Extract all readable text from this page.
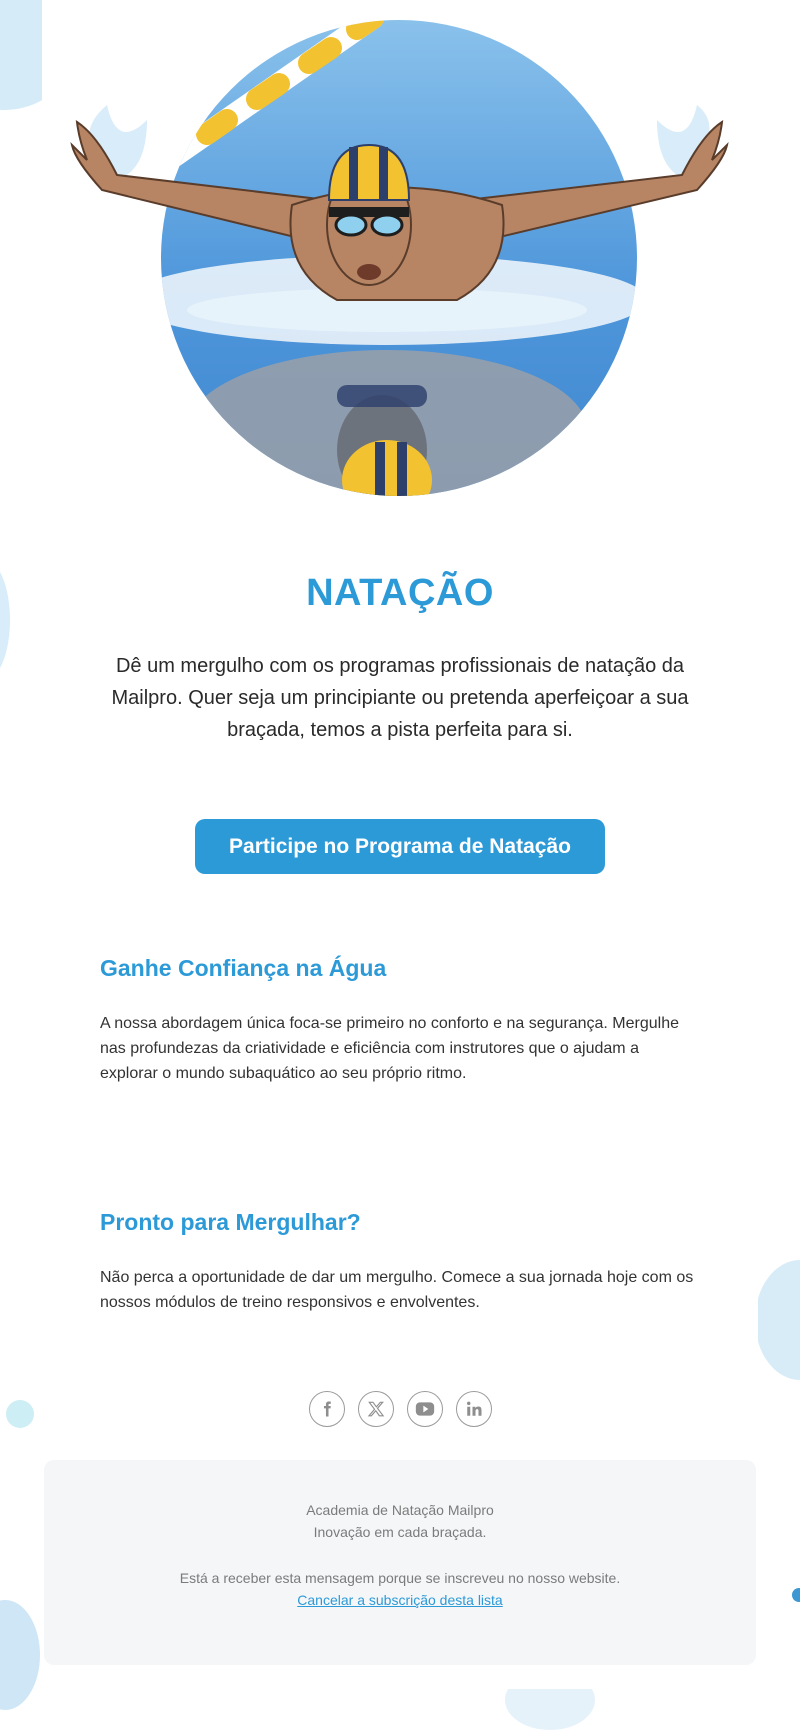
NATAÇÃO

Dê um mergulho com os programas profissionais de natação da Mailpro. Quer seja um principiante ou pretenda aperfeiçoar a sua braçada, temos a pista perfeita para si.

Participe no Programa de Natação
Ganhe Confiança na Água

A nossa abordagem única foca-se primeiro no conforto e na segurança. Mergulhe nas profundezas da criatividade e eficiência com instrutores que o ajudam a explorar o mundo subaquático ao seu próprio ritmo.

Pronto para Mergulhar?

Não perca a oportunidade de dar um mergulho. Comece a sua jornada hoje com os nossos módulos de treino responsivos e envolventes.

Academia de Natação Mailpro

Inovação em cada braçada.

Está a receber esta mensagem porque se inscreveu no nosso website.

Cancelar a subscrição desta lista
